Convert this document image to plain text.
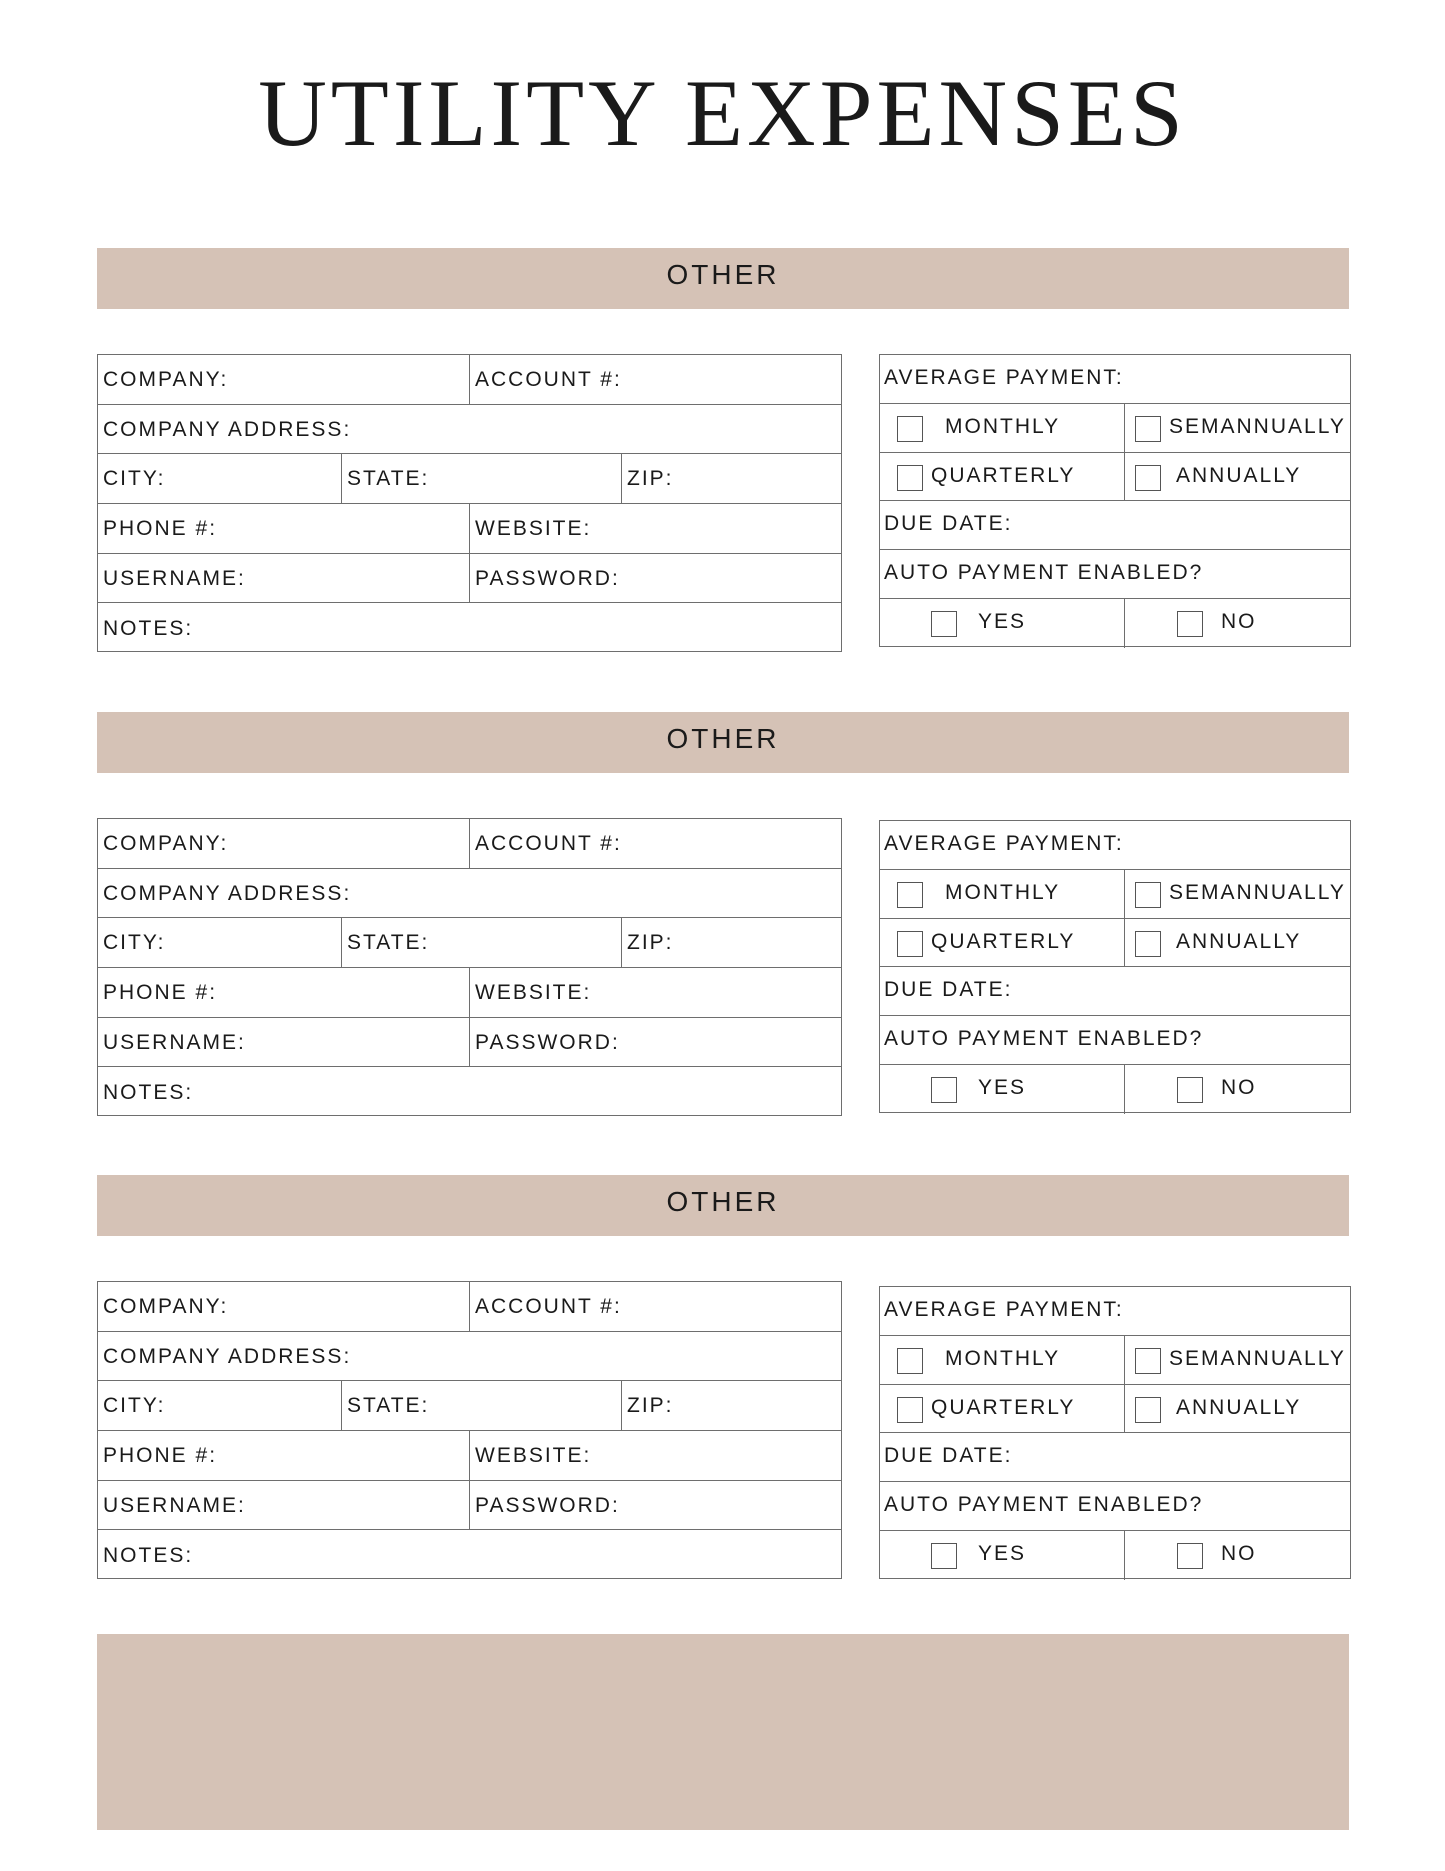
UTILITY EXPENSES
OTHER
COMPANY:	ACCOUNT #:
COMPANY ADDRESS:
CITY:	STATE:	ZIP:
PHONE #:	WEBSITE:
USERNAME:	PASSWORD:
NOTES:
AVERAGE PAYMENT:
MONTHLY	SEMANNUALLY
QUARTERLY	ANNUALLY
DUE DATE:
AUTO PAYMENT ENABLED?
YES	NO
OTHER
COMPANY:	ACCOUNT #:
COMPANY ADDRESS:
CITY:	STATE:	ZIP:
PHONE #:	WEBSITE:
USERNAME:	PASSWORD:
NOTES:
AVERAGE PAYMENT:
MONTHLY	SEMANNUALLY
QUARTERLY	ANNUALLY
DUE DATE:
AUTO PAYMENT ENABLED?
YES	NO
OTHER
COMPANY:	ACCOUNT #:
COMPANY ADDRESS:
CITY:	STATE:	ZIP:
PHONE #:	WEBSITE:
USERNAME:	PASSWORD:
NOTES:
AVERAGE PAYMENT:
MONTHLY	SEMANNUALLY
QUARTERLY	ANNUALLY
DUE DATE:
AUTO PAYMENT ENABLED?
YES	NO
